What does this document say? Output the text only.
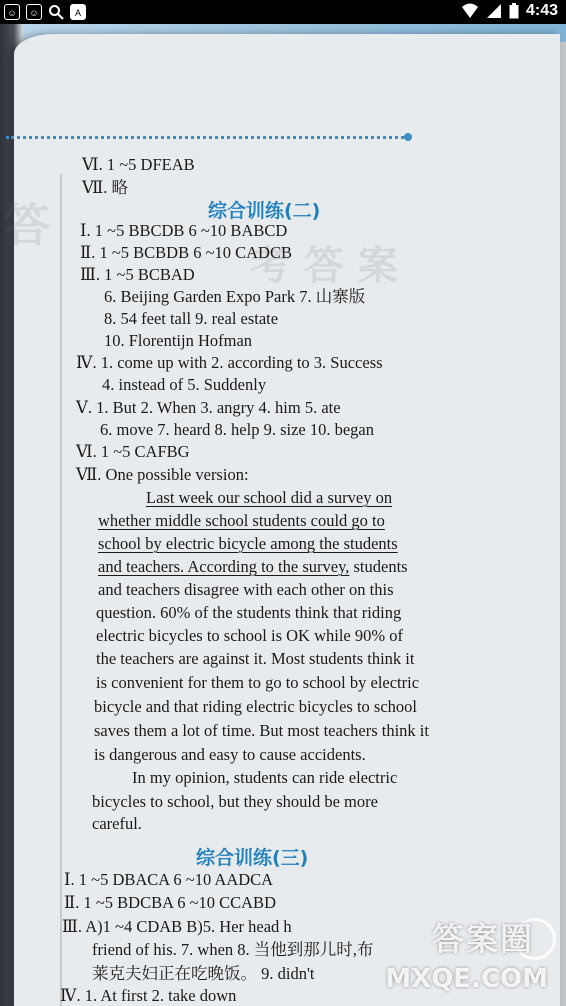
☺	☺	A	4:43
答
考 答 案
Ⅵ. 1 ~5 DFEAB
Ⅶ. 略
综合训练(二)
Ⅰ. 1 ~5 BBCDB 6 ~10 BABCD
Ⅱ. 1 ~5 BCBDB 6 ~10 CADCB
Ⅲ. 1 ~5 BCBAD
6. Beijing Garden Expo Park 7. 山寨版
8. 54 feet tall 9. real estate
10. Florentijn Hofman
Ⅳ. 1. come up with 2. according to 3. Success
4. instead of 5. Suddenly
Ⅴ. 1. But 2. When 3. angry 4. him 5. ate
6. move 7. heard 8. help 9. size 10. began
Ⅵ. 1 ~5 CAFBG
Ⅶ. One possible version:
Last week our school did a survey on
whether middle school students could go to
school by electric bicycle among the students
and teachers. According to the survey, students
and teachers disagree with each other on this
question. 60% of the students think that riding
electric bicycles to school is OK while 90% of
the teachers are against it. Most students think it
is convenient for them to go to school by electric
bicycle and that riding electric bicycles to school
saves them a lot of time. But most teachers think it
is dangerous and easy to cause accidents.
In my opinion, students can ride electric
bicycles to school, but they should be more
careful.
综合训练(三)
Ⅰ. 1 ~5 DBACA 6 ~10 AADCA
Ⅱ. 1 ~5 BDCBA 6 ~10 CCABD
Ⅲ. A)1 ~4 CDAB B)5. Her head h
friend of his. 7. when 8. 当他到那儿时,布
莱克夫妇正在吃晚饭。 9. didn't
Ⅳ. 1. At first 2. take down
答案圈
MXQE.COM
